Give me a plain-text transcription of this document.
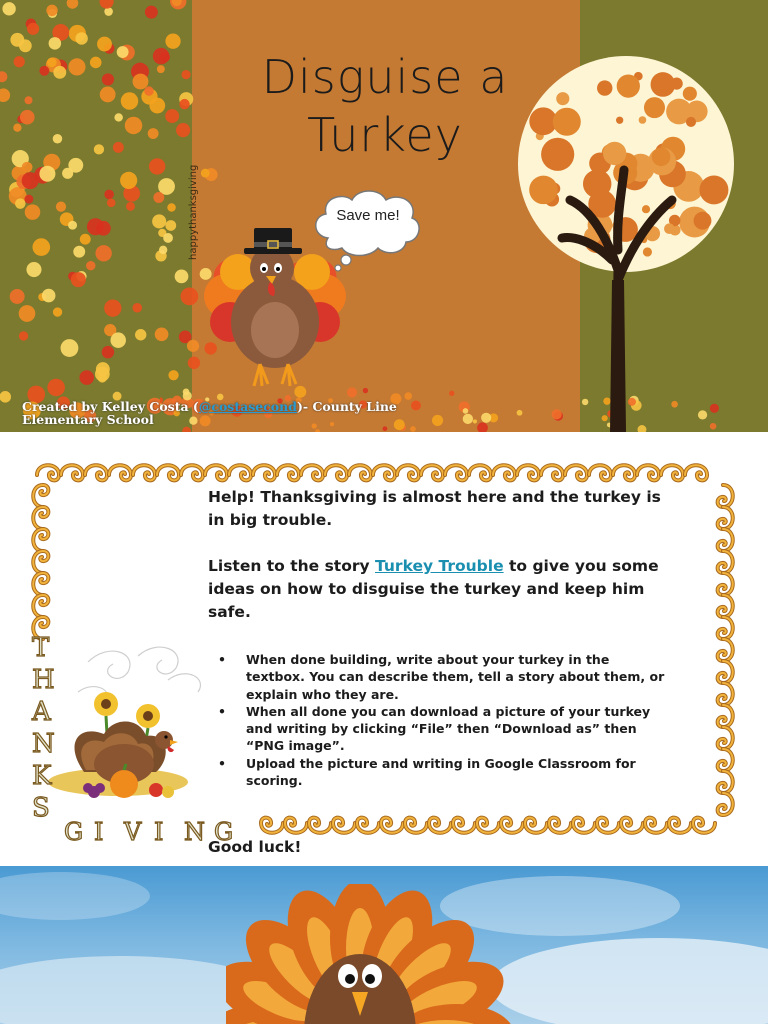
Disguise a
Turkey
happythanksgiving	Save me!
Created by Kelley Costa (@costasecond)- County Line
Elementary School
T
H
A
N
K
S
G I V I N G

Help! Thanksgiving is almost here and the turkey is in big trouble.

Listen to the story Turkey Trouble to give you some ideas on how to disguise the turkey and keep him safe.

• When done building, write about your turkey in the textbox. You can describe them, tell a story about them, or explain who they are.
• When all done you can download a picture of your turkey and writing by clicking “File” then “Download as” then “PNG image”.
• Upload the picture and writing in Google Classroom for scoring.
Good luck!
